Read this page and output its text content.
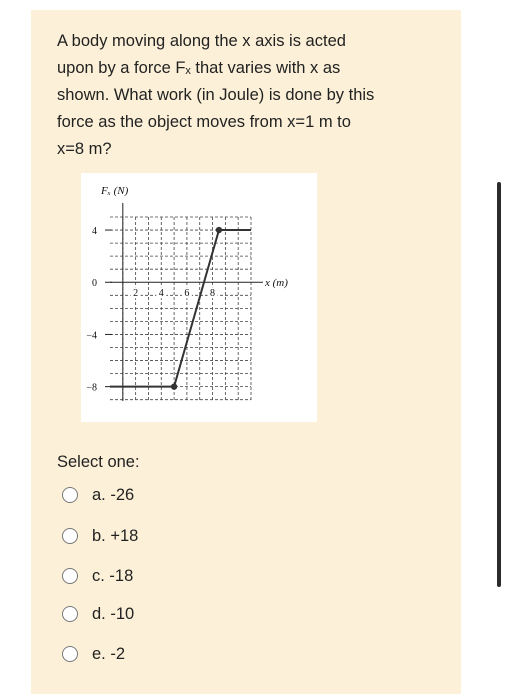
A body moving along the x axis is acted

upon by a force Fₓ that varies with x as

shown. What work (in Joule) is done by this

force as the object moves from x=1 m to

x=8 m?

4
0
−4
−8
2 4 6 8
Fₓ (N)
x (m)
Select one:
a. -26
b. +18
c. -18
d. -10
e. -2
